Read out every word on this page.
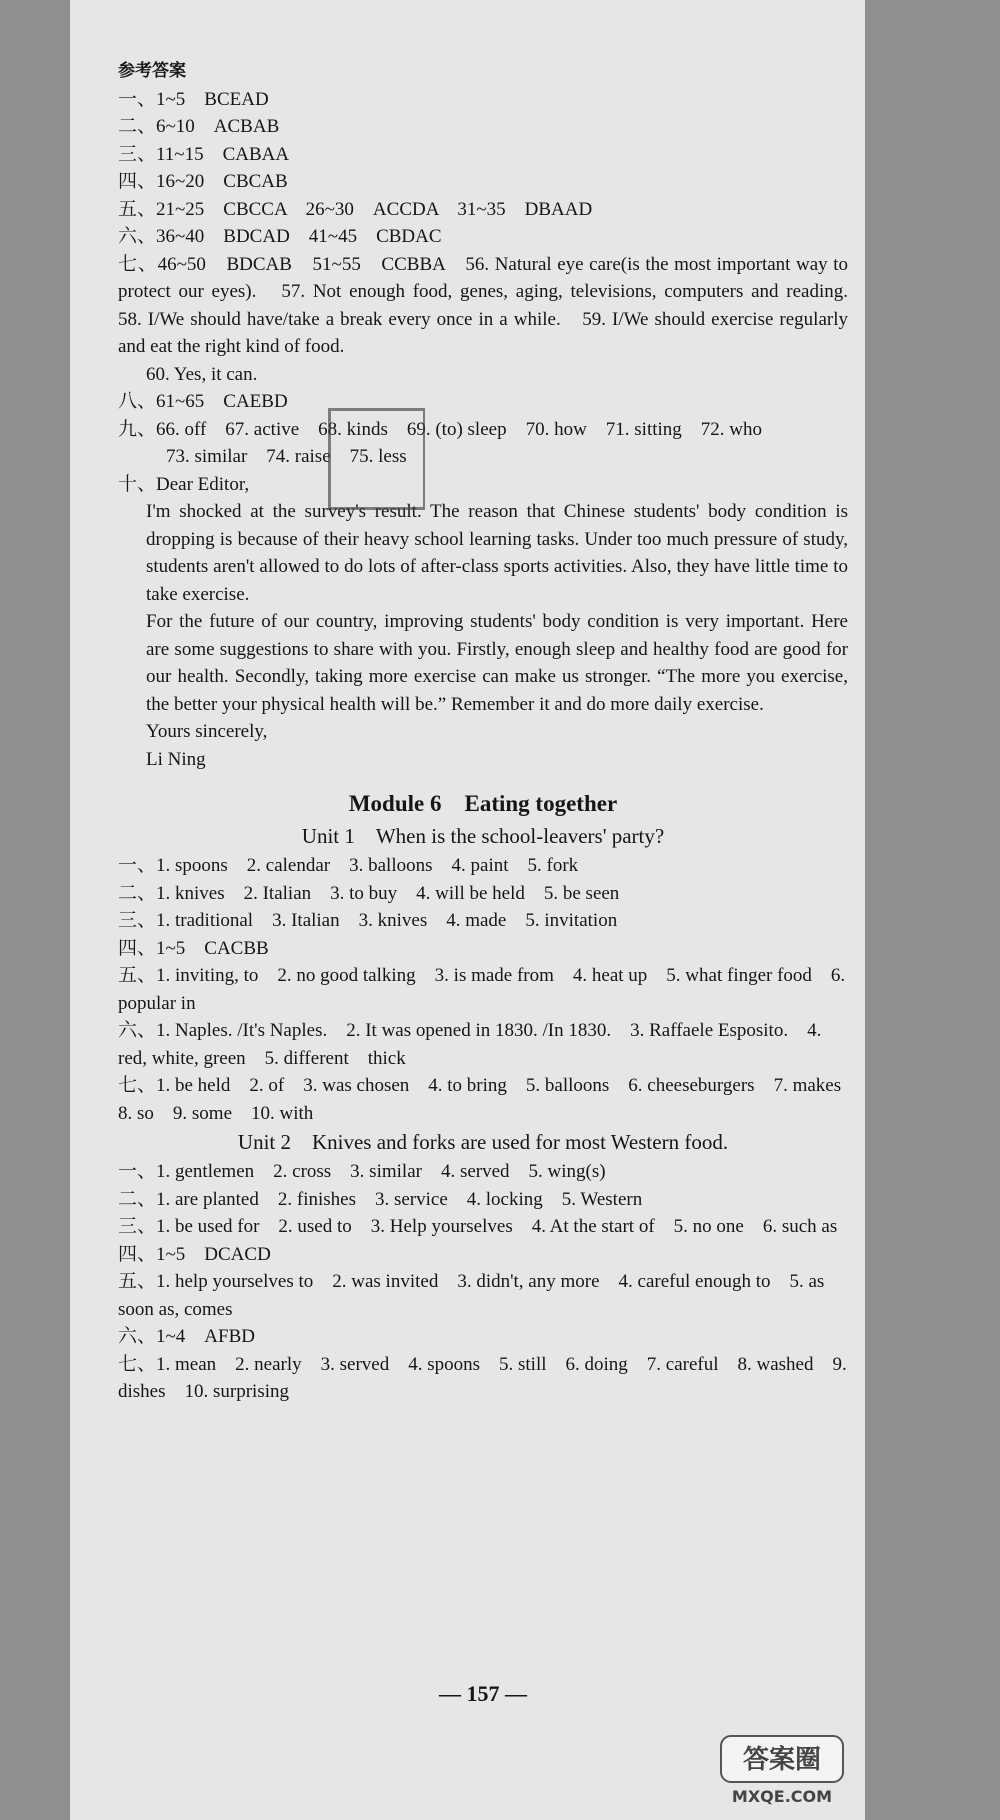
参考答案
一、1~5　BCEAD
二、6~10　ACBAB
三、11~15　CABAA
四、16~20　CBCAB
五、21~25　CBCCA　26~30　ACCDA　31~35　DBAAD
六、36~40　BDCAD　41~45　CBDAC
七、46~50　BDCAB　51~55　CCBBA　56. Natural eye care(is the most important way to protect our eyes).　57. Not enough food, genes, aging, televisions, computers and reading.　58. I/We should have/take a break every once in a while.　59. I/We should exercise regularly and eat the right kind of food.
60. Yes, it can.
八、61~65　CAEBD
九、66. off　67. active　68. kinds　69. (to) sleep　70. how　71. sitting　72. who
73. similar　74. raise　75. less
十、Dear Editor,
I'm shocked at the survey's result. The reason that Chinese students' body condition is dropping is because of their heavy school learning tasks. Under too much pressure of study, students aren't allowed to do lots of after-class sports activities. Also, they have little time to take exercise.
For the future of our country, improving students' body condition is very important. Here are some suggestions to share with you. Firstly, enough sleep and healthy food are good for our health. Secondly, taking more exercise can make us stronger. “The more you exercise, the better your physical health will be.” Remember it and do more daily exercise.
Yours sincerely,
Li Ning
Module 6　Eating together
Unit 1　When is the school-leavers' party?
一、1. spoons　2. calendar　3. balloons　4. paint　5. fork
二、1. knives　2. Italian　3. to buy　4. will be held　5. be seen
三、1. traditional　3. Italian　3. knives　4. made　5. invitation
四、1~5　CACBB
五、1. inviting, to　2. no good talking　3. is made from　4. heat up　5. what finger food　6. popular in
六、1. Naples. /It's Naples.　2. It was opened in 1830. /In 1830.　3. Raffaele Esposito.　4. red, white, green　5. different　thick
七、1. be held　2. of　3. was chosen　4. to bring　5. balloons　6. cheeseburgers　7. makes　8. so　9. some　10. with
Unit 2　Knives and forks are used for most Western food.
一、1. gentlemen　2. cross　3. similar　4. served　5. wing(s)
二、1. are planted　2. finishes　3. service　4. locking　5. Western
三、1. be used for　2. used to　3. Help yourselves　4. At the start of　5. no one　6. such as
四、1~5　DCACD
五、1. help yourselves to　2. was invited　3. didn't, any more　4. careful enough to　5. as soon as, comes
六、1~4　AFBD
七、1. mean　2. nearly　3. served　4. spoons　5. still　6. doing　7. careful　8. washed　9. dishes　10. surprising
— 157 —
答案圈
MXQE.COM
